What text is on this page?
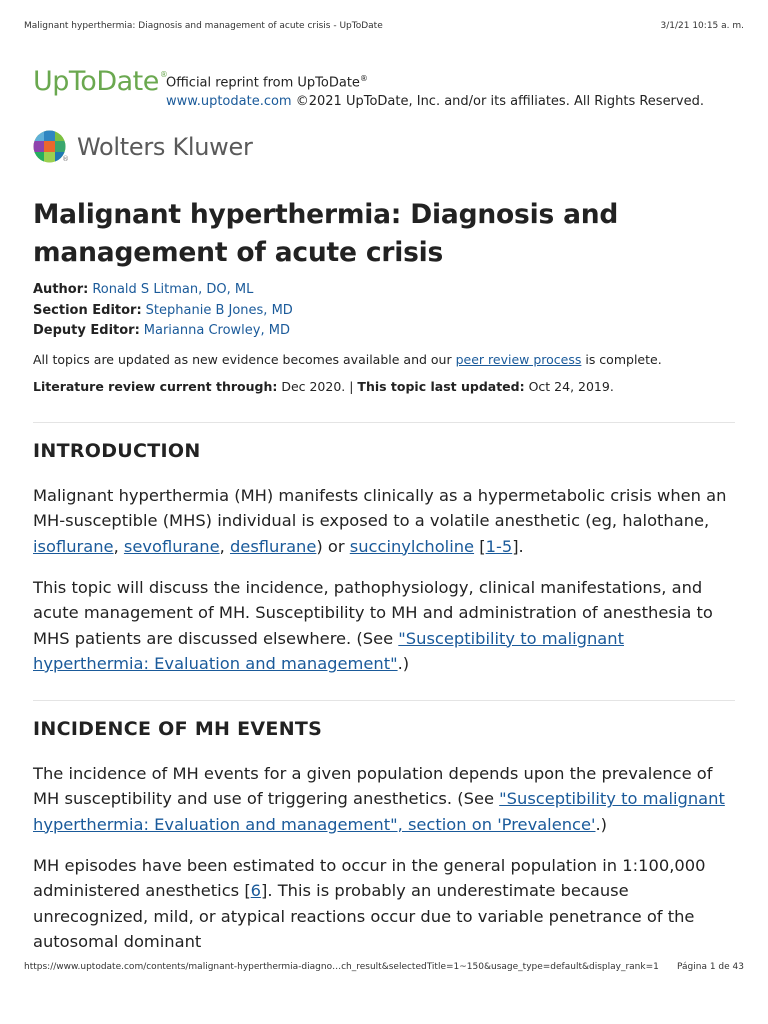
Malignant hyperthermia: Diagnosis and management of acute crisis - UpToDate	3/1/21 10:15 a. m.
UpToDate®
Official reprint from UpToDate®
www.uptodate.com ©2021 UpToDate, Inc. and/or its affiliates. All Rights Reserved.
® Wolters Kluwer
Malignant hyperthermia: Diagnosis and management of acute crisis
Author: Ronald S Litman, DO, ML
Section Editor: Stephanie B Jones, MD
Deputy Editor: Marianna Crowley, MD
All topics are updated as new evidence becomes available and our peer review process is complete.
Literature review current through: Dec 2020. | This topic last updated: Oct 24, 2019.
INTRODUCTION
Malignant hyperthermia (MH) manifests clinically as a hypermetabolic crisis when an MH-susceptible (MHS) individual is exposed to a volatile anesthetic (eg, halothane, isoflurane, sevoflurane, desflurane) or succinylcholine [1-5].
This topic will discuss the incidence, pathophysiology, clinical manifestations, and acute management of MH. Susceptibility to MH and administration of anesthesia to MHS patients are discussed elsewhere. (See "Susceptibility to malignant hyperthermia: Evaluation and management".)
INCIDENCE OF MH EVENTS
The incidence of MH events for a given population depends upon the prevalence of MH susceptibility and use of triggering anesthetics. (See "Susceptibility to malignant hyperthermia: Evaluation and management", section on 'Prevalence'.)
MH episodes have been estimated to occur in the general population in 1:100,000 administered anesthetics [6]. This is probably an underestimate because unrecognized, mild, or atypical reactions occur due to variable penetrance of the autosomal dominant
https://www.uptodate.com/contents/malignant-hyperthermia-diagno…ch_result&selectedTitle=1~150&usage_type=default&display_rank=1 Página 1 de 43
